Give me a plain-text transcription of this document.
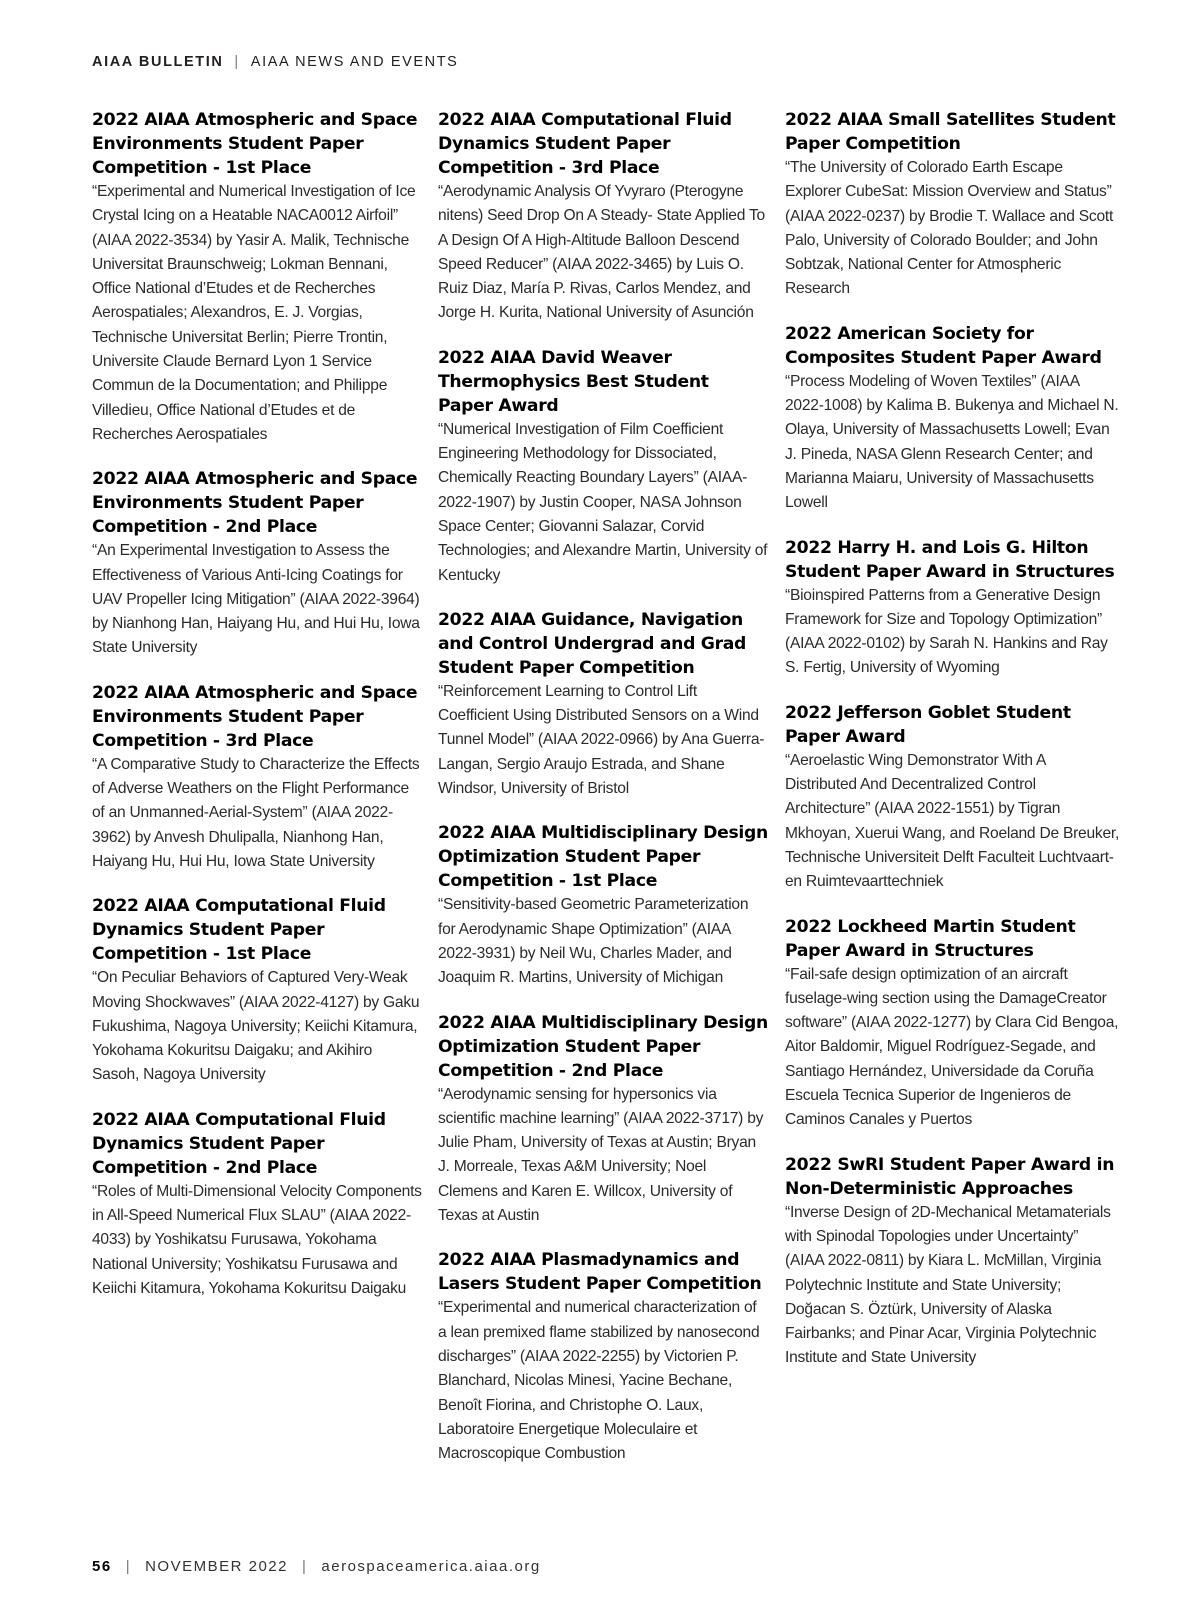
AIAA BULLETIN | AIAA NEWS AND EVENTS
2022 AIAA Atmospheric and Space Environments Student Paper Competition - 1st Place

“Experimental and Numerical Investigation of Ice Crystal Icing on a Heatable NACA0012 Airfoil” (AIAA 2022-3534) by Yasir A. Malik, Technische Universitat Braunschweig; Lokman Bennani, Office National d’Etudes et de Recherches Aerospatiales; Alexandros, E. J. Vorgias, Technische Universitat Berlin; Pierre Trontin, Universite Claude Bernard Lyon 1 Service Commun de la Documentation; and Philippe Villedieu, Office National d’Etudes et de Recherches Aerospatiales

2022 AIAA Atmospheric and Space Environments Student Paper Competition - 2nd Place

“An Experimental Investigation to Assess the Effectiveness of Various Anti-Icing Coatings for UAV Propeller Icing Mitigation” (AIAA 2022-3964) by Nianhong Han, Haiyang Hu, and Hui Hu, Iowa State University

2022 AIAA Atmospheric and Space Environments Student Paper Competition - 3rd Place

“A Comparative Study to Characterize the Effects of Adverse Weathers on the Flight Performance of an Unmanned-Aerial-System” (AIAA 2022-3962) by Anvesh Dhulipalla, Nianhong Han, Haiyang Hu, Hui Hu, Iowa State University

2022 AIAA Computational Fluid Dynamics Student Paper Competition - 1st Place

“On Peculiar Behaviors of Captured Very-Weak Moving Shockwaves” (AIAA 2022-4127) by Gaku Fukushima, Nagoya University; Keiichi Kitamura, Yokohama Kokuritsu Daigaku; and Akihiro Sasoh, Nagoya University

2022 AIAA Computational Fluid Dynamics Student Paper Competition - 2nd Place

“Roles of Multi-Dimensional Velocity Components in All-Speed Numerical Flux SLAU” (AIAA 2022-4033) by Yoshikatsu Furusawa, Yokohama National University; Yoshikatsu Furusawa and Keiichi Kitamura, Yokohama Kokuritsu Daigaku

2022 AIAA Computational Fluid Dynamics Student Paper Competition - 3rd Place

“Aerodynamic Analysis Of Yvyraro (Pterogyne nitens) Seed Drop On A Steady- State Applied To A Design Of A High-Altitude Balloon Descend Speed Reducer” (AIAA 2022-3465) by Luis O. Ruiz Diaz, María P. Rivas, Carlos Mendez, and Jorge H. Kurita, National University of Asunción

2022 AIAA David Weaver Thermophysics Best Student Paper Award

“Numerical Investigation of Film Coefficient Engineering Methodology for Dissociated, Chemically Reacting Boundary Layers” (AIAA-2022-1907) by Justin Cooper, NASA Johnson Space Center; Giovanni Salazar, Corvid Technologies; and Alexandre Martin, University of Kentucky

2022 AIAA Guidance, Navigation and Control Undergrad and Grad Student Paper Competition

“Reinforcement Learning to Control Lift Coefficient Using Distributed Sensors on a Wind Tunnel Model” (AIAA 2022-0966) by Ana Guerra-Langan, Sergio Araujo Estrada, and Shane Windsor, University of Bristol

2022 AIAA Multidisciplinary Design Optimization Student Paper Competition - 1st Place

“Sensitivity-based Geometric Parameterization for Aerodynamic Shape Optimization” (AIAA 2022-3931) by Neil Wu, Charles Mader, and Joaquim R. Martins, University of Michigan

2022 AIAA Multidisciplinary Design Optimization Student Paper Competition - 2nd Place

“Aerodynamic sensing for hypersonics via scientific machine learning” (AIAA 2022-3717) by Julie Pham, University of Texas at Austin; Bryan J. Morreale, Texas A&M University; Noel Clemens and Karen E. Willcox, University of Texas at Austin

2022 AIAA Plasmadynamics and Lasers Student Paper Competition

“Experimental and numerical characterization of a lean premixed flame stabilized by nanosecond discharges” (AIAA 2022-2255) by Victorien P. Blanchard, Nicolas Minesi, Yacine Bechane, Benoît Fiorina, and Christophe O. Laux, Laboratoire Energetique Moleculaire et Macroscopique Combustion

2022 AIAA Small Satellites Student Paper Competition

“The University of Colorado Earth Escape Explorer CubeSat: Mission Overview and Status” (AIAA 2022-0237) by Brodie T. Wallace and Scott Palo, University of Colorado Boulder; and John Sobtzak, National Center for Atmospheric Research

2022 American Society for Composites Student Paper Award

“Process Modeling of Woven Textiles” (AIAA 2022-1008) by Kalima B. Bukenya and Michael N. Olaya, University of Massachusetts Lowell; Evan J. Pineda, NASA Glenn Research Center; and Marianna Maiaru, University of Massachusetts Lowell

2022 Harry H. and Lois G. Hilton Student Paper Award in Structures

“Bioinspired Patterns from a Generative Design Framework for Size and Topology Optimization” (AIAA 2022-0102) by Sarah N. Hankins and Ray S. Fertig, University of Wyoming

2022 Jefferson Goblet Student Paper Award

“Aeroelastic Wing Demonstrator With A Distributed And Decentralized Control Architecture” (AIAA 2022-1551) by Tigran Mkhoyan, Xuerui Wang, and Roeland De Breuker, Technische Universiteit Delft Faculteit Luchtvaart- en Ruimtevaarttechniek

2022 Lockheed Martin Student Paper Award in Structures

“Fail-safe design optimization of an aircraft fuselage-wing section using the DamageCreator software” (AIAA 2022-1277) by Clara Cid Bengoa, Aitor Baldomir, Miguel Rodríguez-Segade, and Santiago Hernández, Universidade da Coruña Escuela Tecnica Superior de Ingenieros de Caminos Canales y Puertos

2022 SwRI Student Paper Award in Non-Deterministic Approaches

“Inverse Design of 2D-Mechanical Metamaterials with Spinodal Topologies under Uncertainty” (AIAA 2022-0811) by Kiara L. McMillan, Virginia Polytechnic Institute and State University; Doğacan S. Öztürk, University of Alaska Fairbanks; and Pinar Acar, Virginia Polytechnic Institute and State University

56 | NOVEMBER 2022 | aerospaceamerica.aiaa.org
